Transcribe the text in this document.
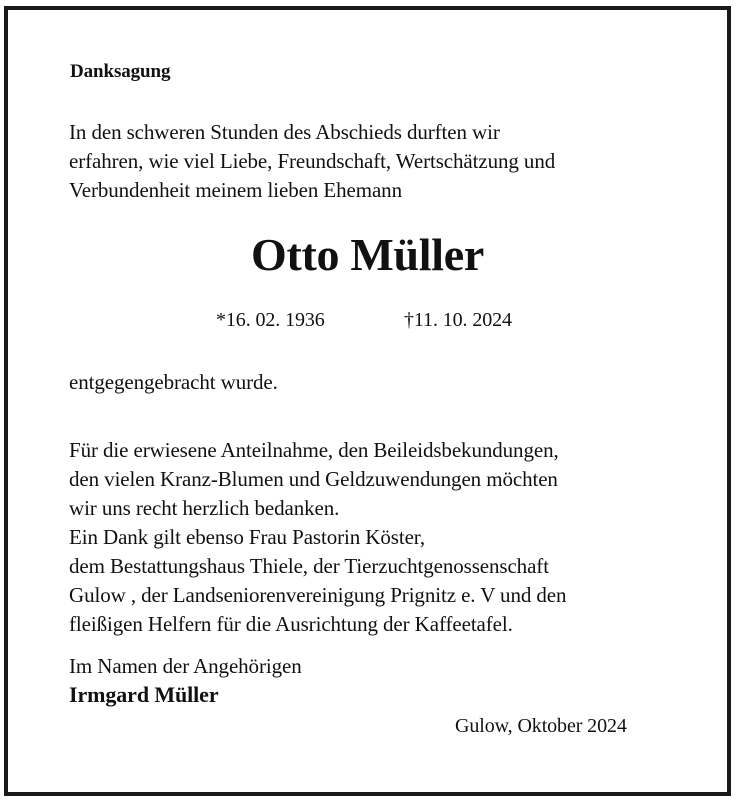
Danksagung
In den schweren Stunden des Abschieds durften wir
erfahren, wie viel Liebe, Freundschaft, Wertschätzung und
Verbundenheit meinem lieben Ehemann
Otto Müller
*16. 02. 1936	†11. 10. 2024
entgegengebracht wurde.
Für die erwiesene Anteilnahme, den Beileidsbekundungen,
den vielen Kranz-Blumen und Geldzuwendungen möchten
wir uns recht herzlich bedanken.
Ein Dank gilt ebenso Frau Pastorin Köster,
dem Bestattungshaus Thiele, der Tierzuchtgenossenschaft
Gulow , der Landseniorenvereinigung Prignitz e. V und den
fleißigen Helfern für die Ausrichtung der Kaffeetafel.
Im Namen der Angehörigen
Irmgard Müller
Gulow, Oktober 2024
